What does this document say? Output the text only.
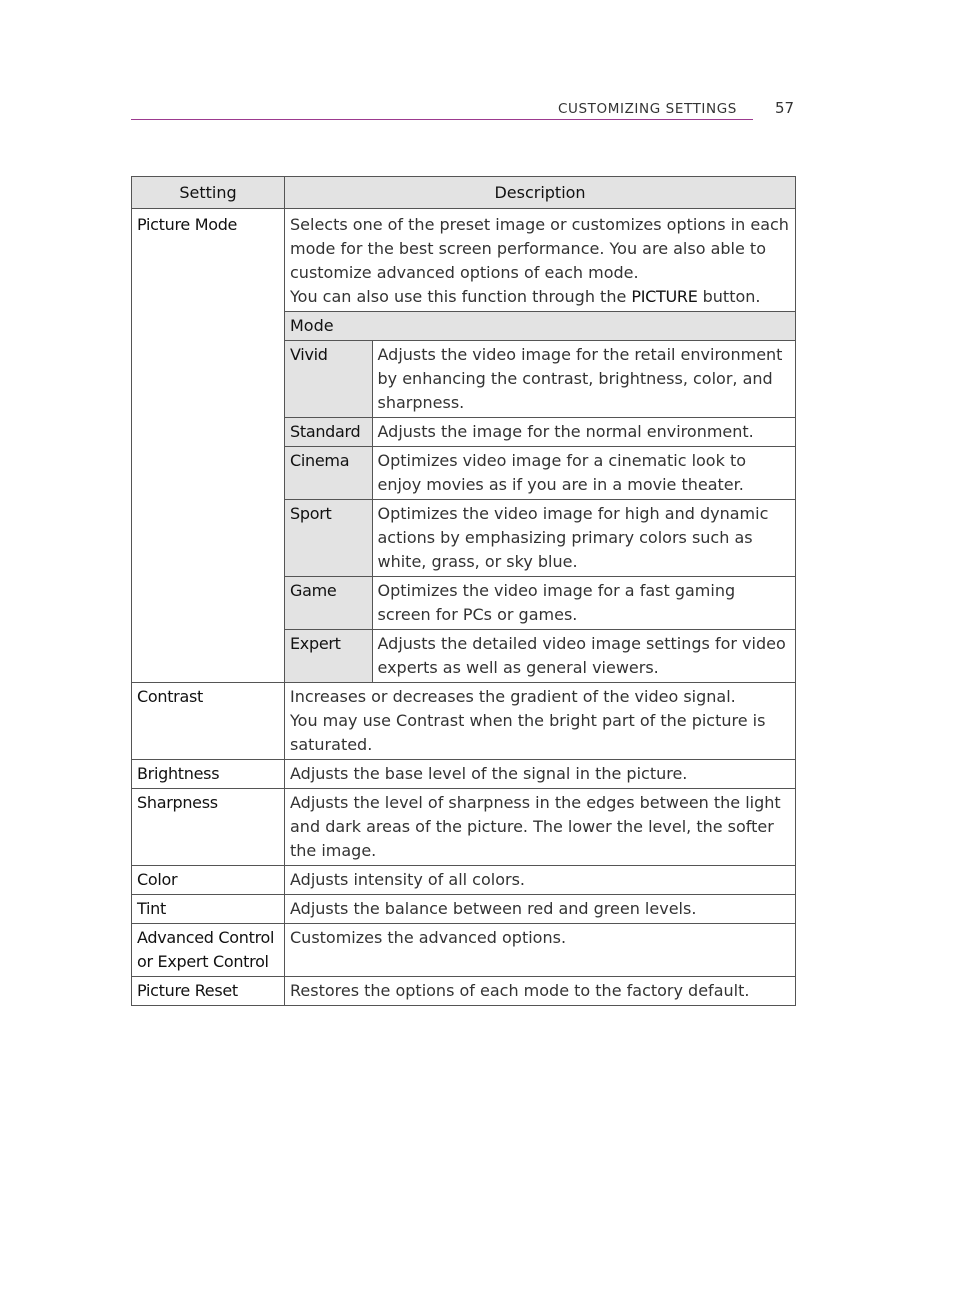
CUSTOMIZING SETTINGS	57
Setting	Description
Picture Mode		Selects one of the preset image or customizes options in each mode for the best screen performance. You are also able to customize advanced options of each mode.
You can also use this function through the PICTURE button.

Mode
Vivid	Adjusts the video image for the retail environment by enhancing the contrast, brightness, color, and sharpness.
Standard	Adjusts the image for the normal environment.
Cinema	Optimizes video image for a cinematic look to enjoy movies as if you are in a movie theater.
Sport	Optimizes the video image for high and dynamic actions by emphasizing primary colors such as white, grass, or sky blue.
Game	Optimizes the video image for a fast gaming screen for PCs or games.
Expert	Adjusts the detailed video image settings for video experts as well as general viewers.

Contrast	Increases or decreases the gradient of the video signal.
You may use Contrast when the bright part of the picture is saturated.

Brightness	Adjusts the base level of the signal in the picture.
Sharpness	Adjusts the level of sharpness in the edges between the light and dark areas of the picture. The lower the level, the softer the image.
Color	Adjusts intensity of all colors.
Tint	Adjusts the balance between red and green levels.
Advanced Control or Expert Control	Customizes the advanced options.
Picture Reset	Restores the options of each mode to the factory default.
